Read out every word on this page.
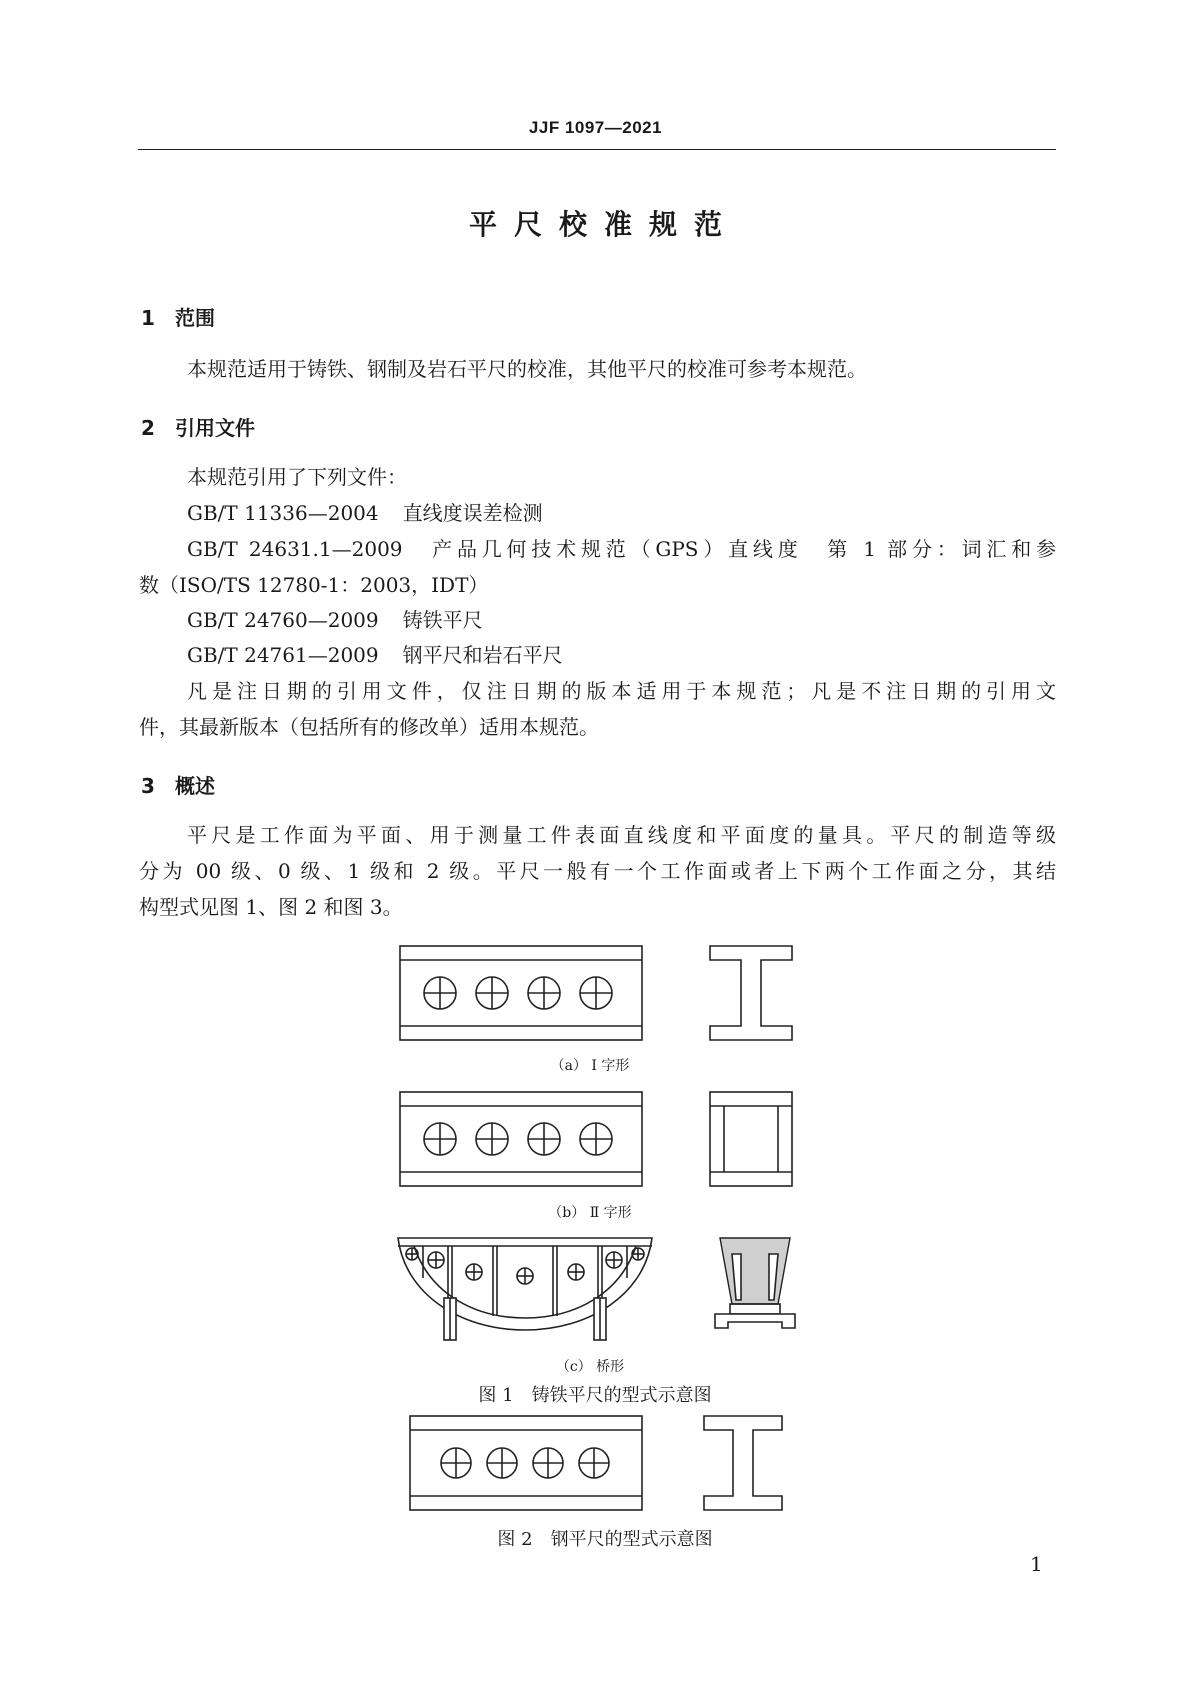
JJF 1097—2021
平尺校准规范
1 范围
本规范适用于铸铁、钢制及岩石平尺的校准，其他平尺的校准可参考本规范。
2 引用文件
本规范引用了下列文件：
GB/T 11336—2004 直线度误差检测
GB/T 24631.1—2009　 产品几何技术规范（GPS）直线度　第 1 部分：词汇和参
数（ISO/TS 12780-1：2003，IDT）
GB/T 24760—2009 铸铁平尺
GB/T 24761—2009 钢平尺和岩石平尺
凡是注日期的引用文件，仅注日期的版本适用于本规范；凡是不注日期的引用文
件，其最新版本（包括所有的修改单）适用本规范。
3 概述
平尺是工作面为平面、用于测量工件表面直线度和平面度的量具。平尺的制造等级
分为 00 级、0 级、1 级和 2 级。平尺一般有一个工作面或者上下两个工作面之分，其结
构型式见图 1、图 2 和图 3。
（a） Ⅰ 字形
（b） Ⅱ 字形
（c） 桥形
图 1　铸铁平尺的型式示意图
图 2　钢平尺的型式示意图
1
